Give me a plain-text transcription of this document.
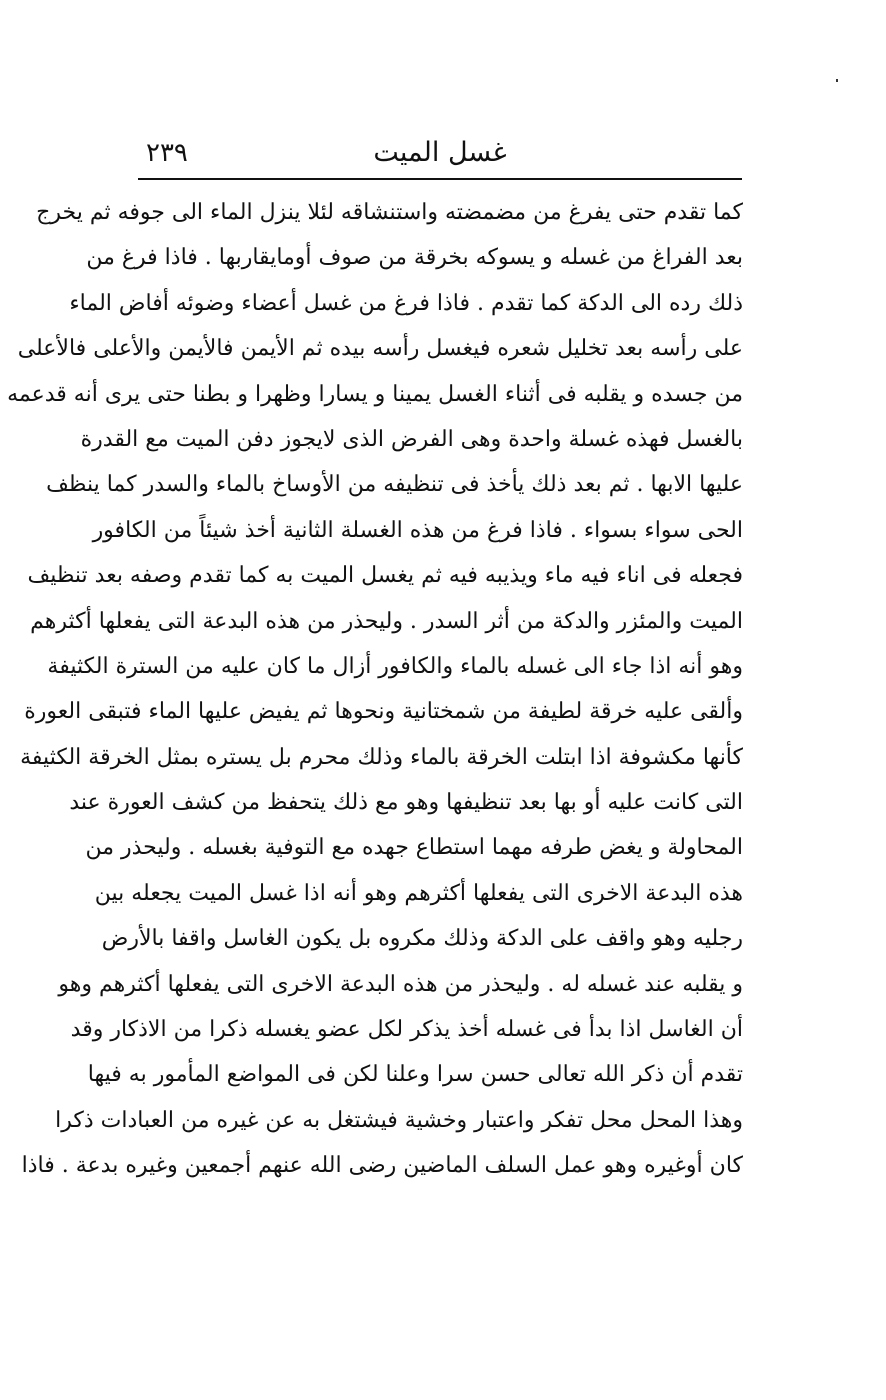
غسل الميت
٢٣٩
كما تقدم حتى يفرغ من مضمضته واستنشاقه لئلا ينزل الماء الى جوفه ثم يخرج
بعد الفراغ من غسله و يسوكه بخرقة من صوف أومايقاربها . فاذا فرغ من
ذلك رده الى الدكة كما تقدم . فاذا فرغ من غسل أعضاء وضوئه أفاض الماء
على رأسه بعد تخليل شعره فيغسل رأسه بيده ثم الأيمن فالأيمن والأعلى فالأعلى
من جسده و يقلبه فى أثناء الغسل يمينا و يسارا وظهرا و بطنا حتى يرى أنه قدعمه
بالغسل فهذه غسلة واحدة وهى الفرض الذى لايجوز دفن الميت مع القدرة
عليها الابها . ثم بعد ذلك يأخذ فى تنظيفه من الأوساخ بالماء والسدر كما ينظف
الحى سواء بسواء . فاذا فرغ من هذه الغسلة الثانية أخذ شيئاً من الكافور
فجعله فى اناء فيه ماء ويذيبه فيه ثم يغسل الميت به كما تقدم وصفه بعد تنظيف
الميت والمئزر والدكة من أثر السدر . وليحذر من هذه البدعة التى يفعلها أكثرهم
وهو أنه اذا جاء الى غسله بالماء والكافور أزال ما كان عليه من السترة الكثيفة
وألقى عليه خرقة لطيفة من شمختانية ونحوها ثم يفيض عليها الماء فتبقى العورة
كأنها مكشوفة اذا ابتلت الخرقة بالماء وذلك محرم بل يستره بمثل الخرقة الكثيفة
التى كانت عليه أو بها بعد تنظيفها وهو مع ذلك يتحفظ من كشف العورة عند
المحاولة و يغض طرفه مهما استطاع جهده مع التوفية بغسله . وليحذر من
هذه البدعة الاخرى التى يفعلها أكثرهم وهو أنه اذا غسل الميت يجعله بين
رجليه وهو واقف على الدكة وذلك مكروه بل يكون الغاسل واقفا بالأرض
و يقلبه عند غسله له . وليحذر من هذه البدعة الاخرى التى يفعلها أكثرهم وهو
أن الغاسل اذا بدأ فى غسله أخذ يذكر لكل عضو يغسله ذكرا من الاذكار وقد
تقدم أن ذكر الله تعالى حسن سرا وعلنا لكن فى المواضع المأمور به فيها
وهذا المحل محل تفكر واعتبار وخشية فيشتغل به عن غيره من العبادات ذكرا
كان أوغيره وهو عمل السلف الماضين رضى الله عنهم أجمعين وغيره بدعة . فاذا
